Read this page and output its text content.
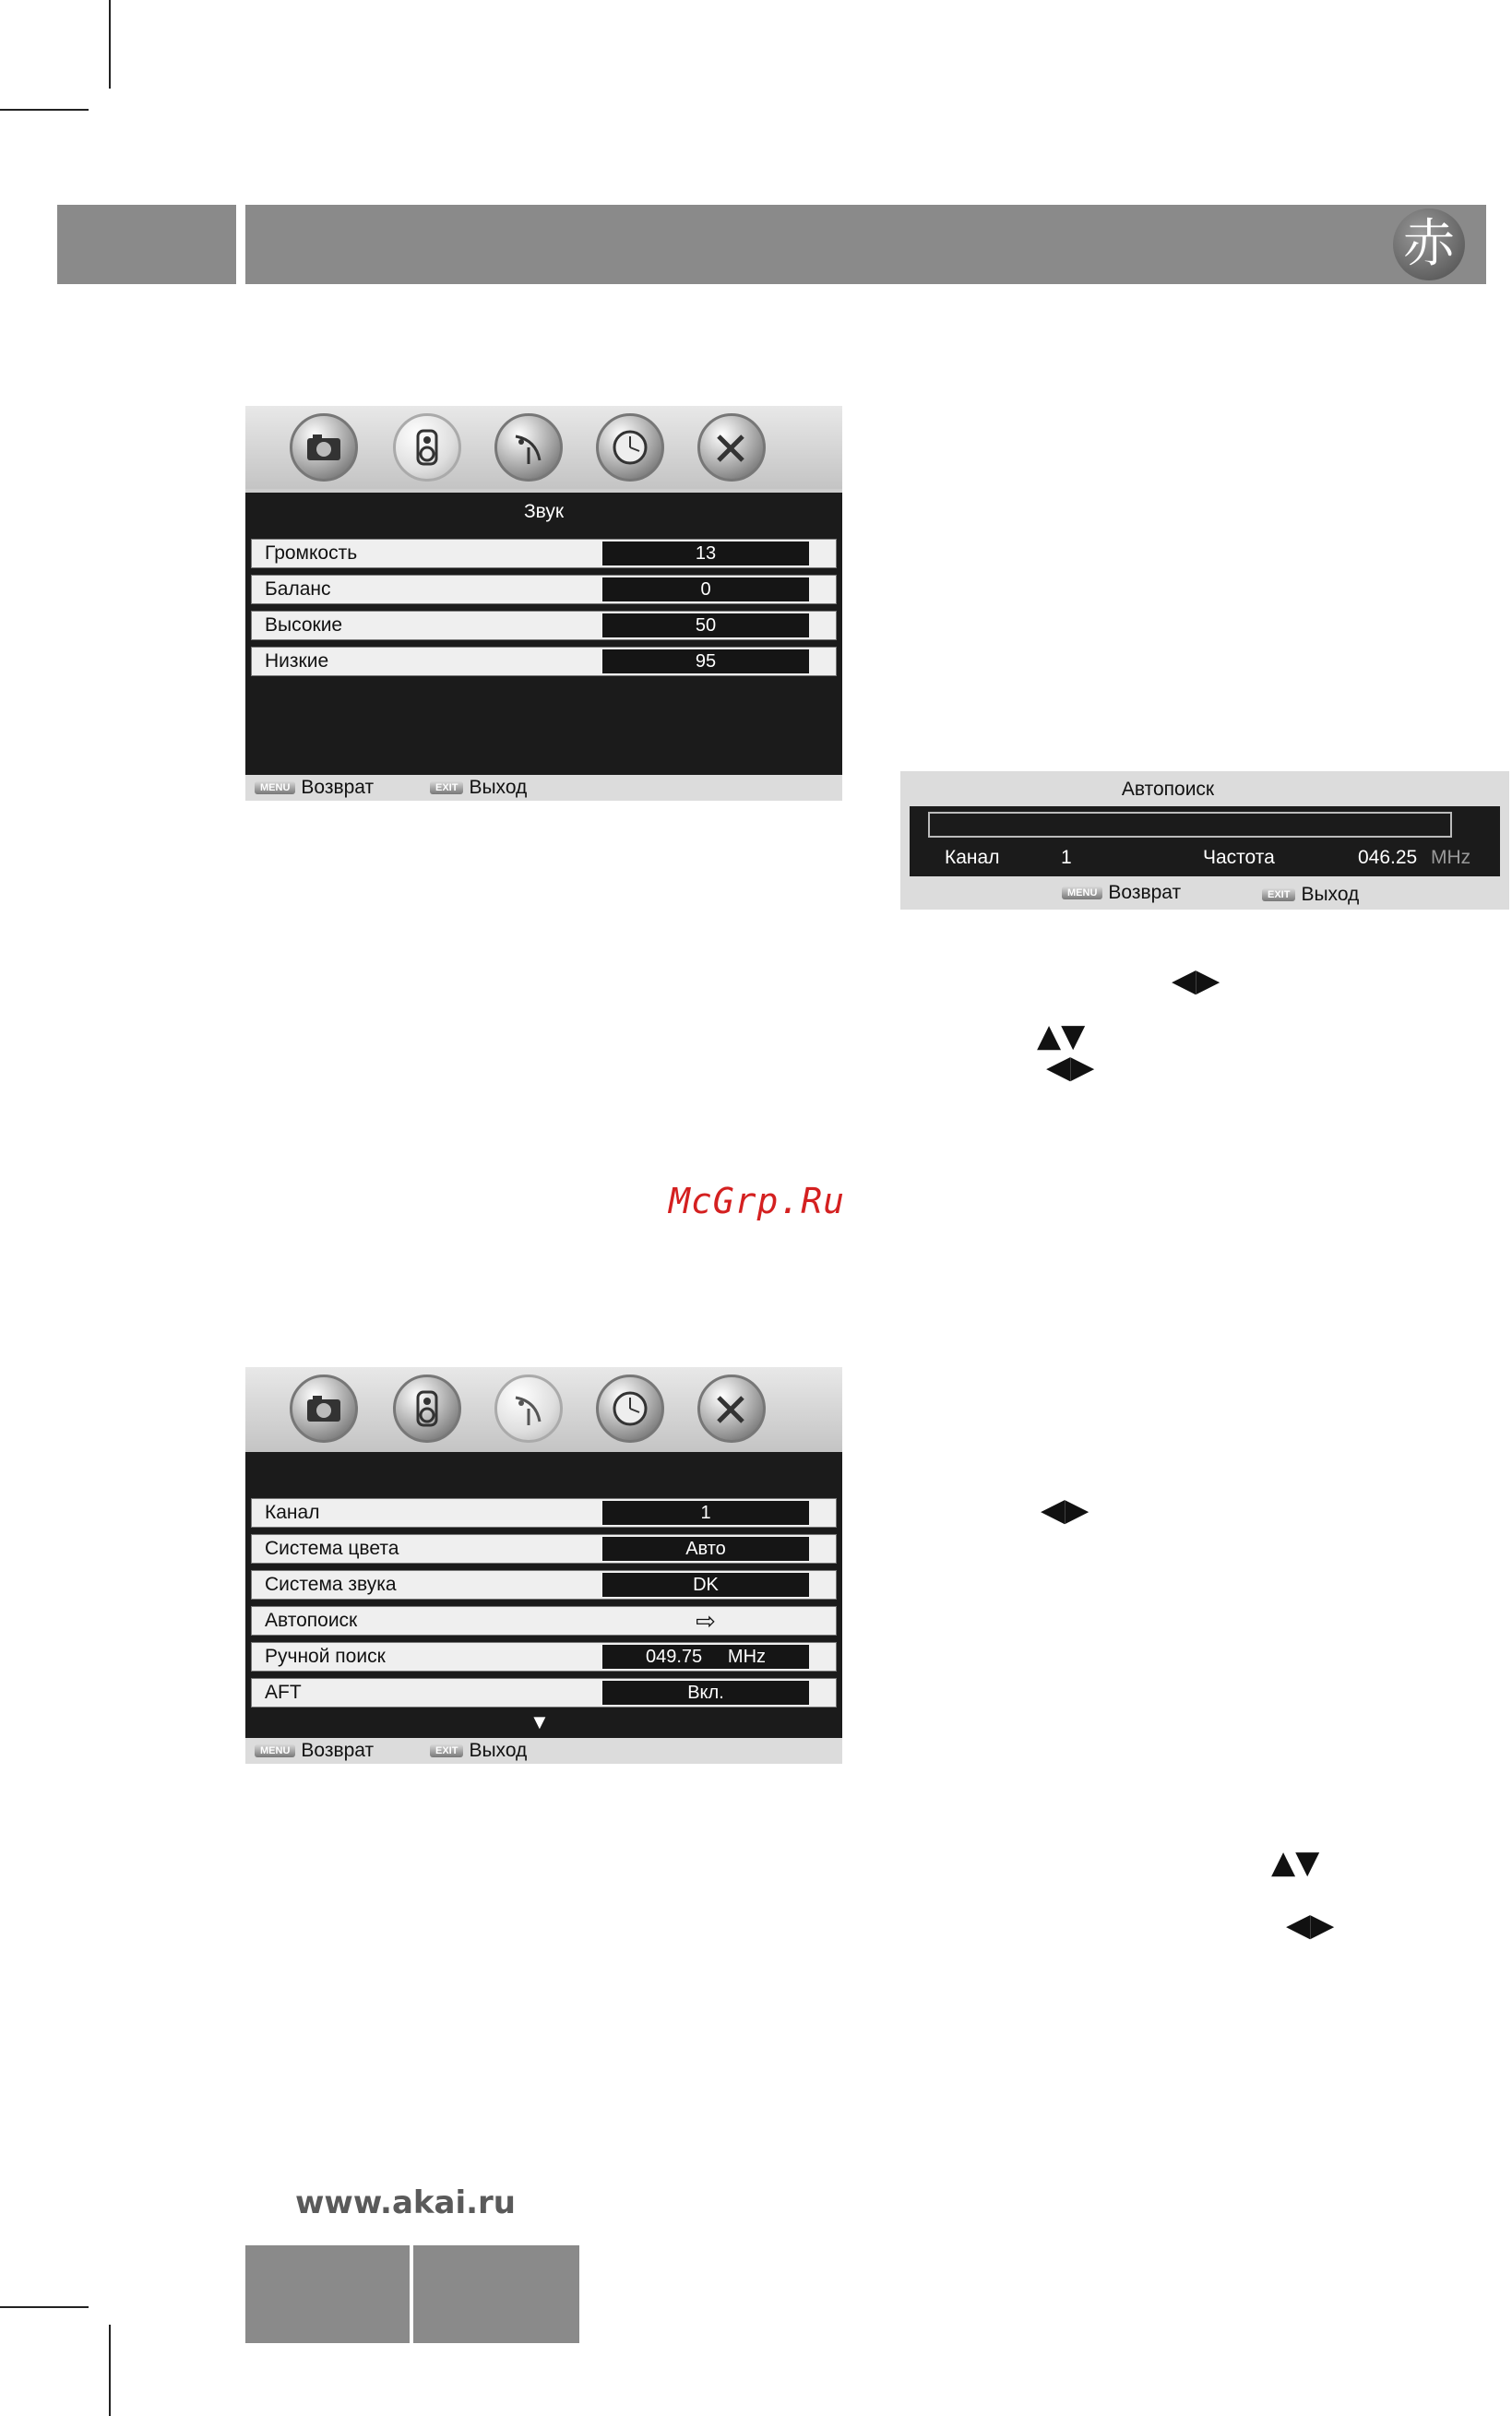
赤
Звук
Громкость	13
Баланс	0
Высокие	50
Низкие	95
MENU Возврат	EXIT Выход	Автопоиск
Канал	1	Частота	046.25 MHz
MENU Возврат	EXIT Выход
◀▶
▲▼
◀▶
◀▶
▲▼
◀▶
McGrp.Ru
Канал	1
Система цвета	Авто
Система звука	DK
Автопоиск	⇨
Ручной поиск	049.75     MHz
AFT	Вкл.
▼
MENU Возврат	EXIT Выход
www.akai.ru
